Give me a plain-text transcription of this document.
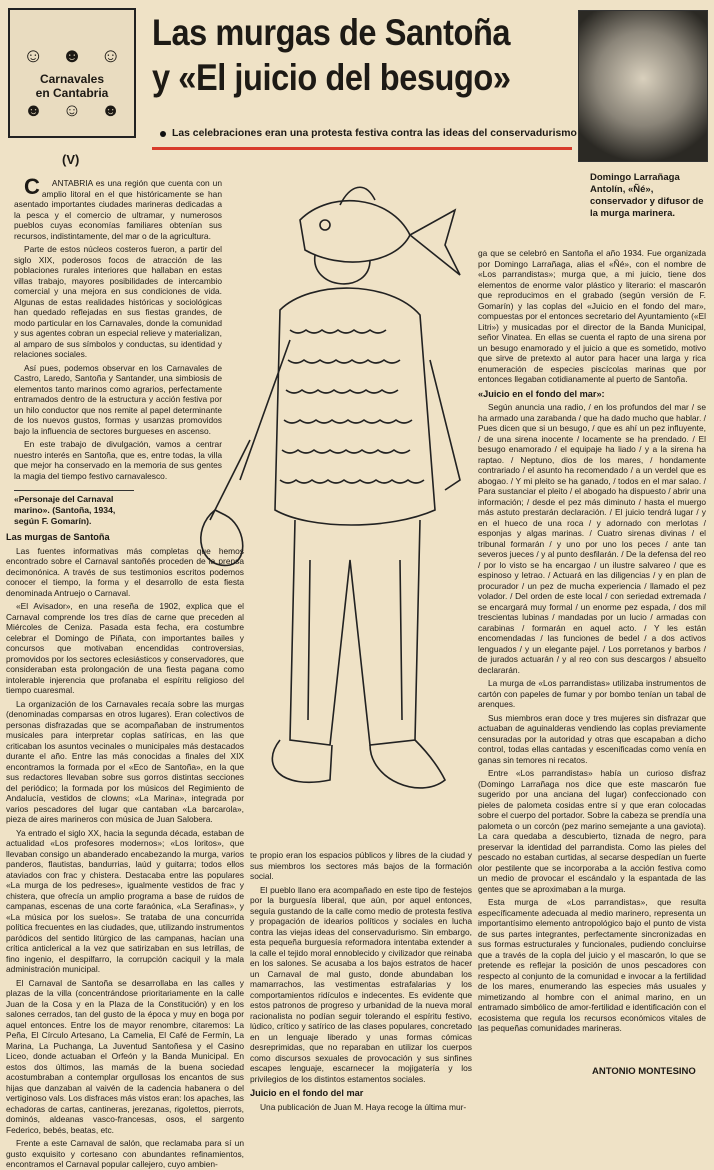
☺ ☻ ☺
Carnavales
en Cantabria
☻ ☺ ☻
(V)
Las murgas de Santoña
y «El juicio del besugo»
Las celebraciones eran una protesta festiva contra las ideas del conservadurismo
Domingo Larrañaga Antolín, «Ñé», conservador y difusor de la murga marinera.

CANTABRIA es una región que cuenta con un amplio litoral en el que históricamente se han asentado importantes ciudades marineras dedicadas a la pesca y el comercio de ultramar, y numerosos pueblos cuyas economías familiares obtenían sus recursos, indistintamente, del mar o de la agricultura.

Parte de estos núcleos costeros fueron, a partir del siglo XIX, poderosos focos de atracción de las poblaciones rurales interiores que hallaban en estas villas trabajo, mayores posibilidades de intercambio comercial y una mejora en sus condiciones de vida. Algunas de estas realidades históricas y sociológicas han quedado reflejadas en sus fiestas grandes, de modo particular en los Carnavales, donde la comunidad y sus agentes cobran un especial relieve y materializan, al amparo de sus símbolos y conductas, su identidad y relaciones sociales.

Así pues, podemos observar en los Carnavales de Castro, Laredo, Santoña y Santander, una simbiosis de elementos tanto marinos como agrarios, perfectamente entramados dentro de la estructura y acción festiva por un hilo conductor que nos remite al papel determinante de los nuevos gustos, formas y usanzas promovidos bajo la influencia de sectores burgueses en ascenso.

En este trabajo de divulgación, vamos a centrar nuestro interés en Santoña, que es, entre todas, la villa que mejor ha conservado en la memoria de sus gentes la magia del tiempo festivo carnavalesco.

«Personaje del Carnaval marino». (Santoña, 1934, según F. Gomarín).
Las murgas de Santoña

Las fuentes informativas más completas que hemos encontrado sobre el Carnaval santoñés proceden de la prensa decimonónica. A través de sus testimonios escritos podemos conocer el tiempo, la forma y el desarrollo de esta fiesta denominada Antruejo o Carnaval.

«El Avisador», en una reseña de 1902, explica que el Carnaval comprende los tres días de carne que preceden al Miércoles de Ceniza. Pasada esta fecha, era costumbre celebrar el Domingo de Piñata, con importantes bailes y concursos que motivaban encendidas controversias, promovidos por los sectores eclesiásticos y conservadores, que consideraban esta prolongación de una fiesta pagana como intolerable injerencia que profanaba el espíritu religioso del tiempo cuaresmal.

La organización de los Carnavales recaía sobre las murgas (denominadas comparsas en otros lugares). Eran colectivos de personas disfrazadas que se acompañaban de instrumentos musicales para interpretar coplas satíricas, en las que criticaban los asuntos vecinales o municipales más destacados durante el año. Entre las más conocidas a finales del XIX encontramos la formada por el «Eco de Santoña», en la que sus redactores llevaban sobre sus gorros distintas secciones del periódico; la formada por los músicos del Regimiento de Andalucía, vestidos de clowns; «La Marina», integrada por varios pescadores del lugar que cantaban «La barcarola», pieza de aires marineros con música de Juan Salobera.

Ya entrado el siglo XX, hacia la segunda década, estaban de actualidad «Los profesores modernos»; «Los loritos», que llevaban consigo un abanderado encabezando la murga, varios panderos, flautistas, bandurrias, laúd y guitarra; todos ellos ataviados con frac y chistera. Destacaba entre las populares «La murga de los pedreses», igualmente vestidos de frac y chistera, que ofrecía un amplio programa a base de ruidos de campanas, escenas de una corte faraónica, «La Serafinas», y «La música por los suelos». Se trataba de una concurrida política frecuentes en las ciudades, que, utilizando instrumentos paródicos del sentido litúrgico de las campanas, hacían una crítica anticlerical a la vez que satirizaban en sus letrillas, de fino ingenio, el despilfarro, la corrupción caciquil y la mala administración municipal.

El Carnaval de Santoña se desarrollaba en las calles y plazas de la villa (concentrándose prioritariamente en la calle Juan de la Cosa y en la Plaza de la Constitución) y en los salones cerrados, tan del gusto de la época y muy en boga por aquel entonces. Entre los de mayor renombre, citaremos: La Peña, El Círculo Artesano, La Camelia, El Café de Fermín, La Marina, La Puchanga, La Juventud Santoñesa y el Casino Liceo, donde actuaban el Orfeón y la Banda Municipal. En estos dos últimos, las mamás de la buena sociedad acostumbraban a contemplar orgullosas los encantos de sus hijas que danzaban al vaivén de la cadencia habanera o del vertiginoso vals. Los disfraces más vistos eran: los apaches, las echadoras de cartas, cantineras, jerezanas, rigolettos, pierrots, dominós, aldeanas vasco-francesas, osos, el sargento Federico, bebés, beatas, etc.

Frente a este Carnaval de salón, que reclamaba para sí un gusto exquisito y cortesano con abundantes refinamientos, encontramos el Carnaval popular callejero, cuyo ambien-

te propio eran los espacios públicos y libres de la ciudad y sus miembros los sectores más bajos de la formación social.

El pueblo llano era acompañado en este tipo de festejos por la burguesía liberal, que aún, por aquel entonces, seguía gustando de la calle como medio de protesta festiva y propagación de idearios políticos y sociales en lucha contra las viejas ideas del conservadurismo. Sin embargo, esta pequeña burguesía reformadora intentaba extender a la calle el tejido moral ennoblecido y civilizador que reinaba en los salones. Se acusaba a los bajos estratos de hacer un Carnaval de mal gusto, donde abundaban los mamarrachos, las vestimentas estrafalarias y los comportamientos ridículos e indecentes. Es evidente que estos patronos de progreso y urbanidad de la nueva moral racionalista no podían seguir tolerando el espíritu festivo, lúdico, crítico y satírico de las clases populares, concretado en un lenguaje liberado y unas formas cómicas desreprimidas, que no reparaban en utilizar los cuerpos como discursos sexuales de provocación y sus sinfines escapes lenguaje, escarnecer la mojigatería y los privilegios de los distintos estamentos sociales.

Juicio en el fondo del mar

Una publicación de Juan M. Haya recoge la última mur-

ga que se celebró en Santoña el año 1934. Fue organizada por Domingo Larrañaga, alias el «Ñé», con el nombre de «Los parrandistas»; murga que, a mi juicio, tiene dos elementos de enorme valor plástico y literario: el mascarón que reproducimos en el grabado (según versión de F. Gomarín) y las coplas del «Juicio en el fondo del mar», compuestas por el entonces secretario del Ayuntamiento («El Litri») y musicadas por el director de la Banda Municipal, señor Vinatea. En ellas se cuenta el rapto de una sirena por un besugo enamorado y el juicio a que es sometido, motivo que sirve de pretexto al autor para hacer una larga y rica enumeración de especies piscícolas marinas que por entonces llegaban cotidianamente al puerto de Santoña.

«Juicio en el fondo del mar»:

Según anuncia una radio, / en los profundos del mar / se ha armado una zarabanda / que ha dado mucho que hablar. / Pues dicen que si un besugo, / que es ahí un pez influyente, / de una sirena inocente / locamente se ha prendado. / El besugo enamorado / el equipaje ha liado / y a la sirena ha raptao. / Neptuno, dios de los mares, / hondamente contrariado / el asunto ha recomendado / a un verdel que es abogao. / Y mi pleito se ha ganado, / todos en el mar salao. / Para sustanciar el pleito / el abogado ha dispuesto / abrir una información; / desde el pez más diminuto / hasta el muergo más astuto prestarán declaración. / El juicio tendrá lugar / y en el hueco de una roca / y adornado con merlotas / esponjas y algas marinas. / Cuatro sirenas divinas / el tribunal formarán / y uno por uno los peces / ante tan severos jueces / y al punto desfilarán. / De la defensa del reo / por lo visto se ha encargao / un ilustre salvareo / que es espinoso y letrao. / Actuará en las diligencias / y en plan de procurador / un pez de mucha experiencia / llamado el pez volador. / Del orden de este local / con seriedad extremada / se encargará muy formal / un enorme pez espada, / dos mil trescientas lubinas / mandadas por un lucio / armadas con carabinas / formarán en aquel acto. / Y les están encomendadas / las funciones de bedel / a dos activos lenguados / y un elegante pajel. / Los porretanos y barbos / de jurados actuarán / y al reo con sus descargos / absuelto declararán.

La murga de «Los parrandistas» utilizaba instrumentos de cartón con papeles de fumar y por bombo tenían un tabal de arenques.

Sus miembros eran doce y tres mujeres sin disfrazar que actuaban de aguinalderas vendiendo las coplas previamente censuradas por la autoridad y otras que escapaban a dicho control, todas ellas cantadas y escenificadas como venía en ganas sin temores ni recatos.

Entre «Los parrandistas» había un curioso disfraz (Domingo Larrañaga nos dice que este mascarón fue sugerido por una anciana del lugar) confeccionado con pieles de palometa cosidas entre sí y que eran colocadas sobre el cuerpo del portador. Sobre la cabeza se prendía una palometa o un corcón (pez marino semejante a una gaviota). La cara quedaba a descubierto, tiznada de negro, para preservar la identidad del parrandista. Como las pieles del pescado no estaban curtidas, al secarse despedían un fuerte olor pestilente que se incorporaba a la acción festiva como un medio de provocar el escándalo y la espantada de las gentes que se aproximaban a la murga.

Esta murga de «Los parrandistas», que resulta específicamente adecuada al medio marinero, representa un importantísimo elemento antropológico bajo el punto de vista de sus partes integrantes, perfectamente sincronizadas en sus formas estructurales y funcionales, pudiendo concluirse que a través de la copla del juicio y el mascarón, lo que se pretende es reflejar la posición de unos pescadores con respecto al conjunto de la comunidad e invocar a la fertilidad de los mares, enumerando las especies más usuales y mimetizando al hombre con el animal marino, en un entramado simbólico de amor-fertilidad e identificación con el ecosistema que regula los recursos económicos vitales de las pequeñas comunidades marineras.

ANTONIO MONTESINO
